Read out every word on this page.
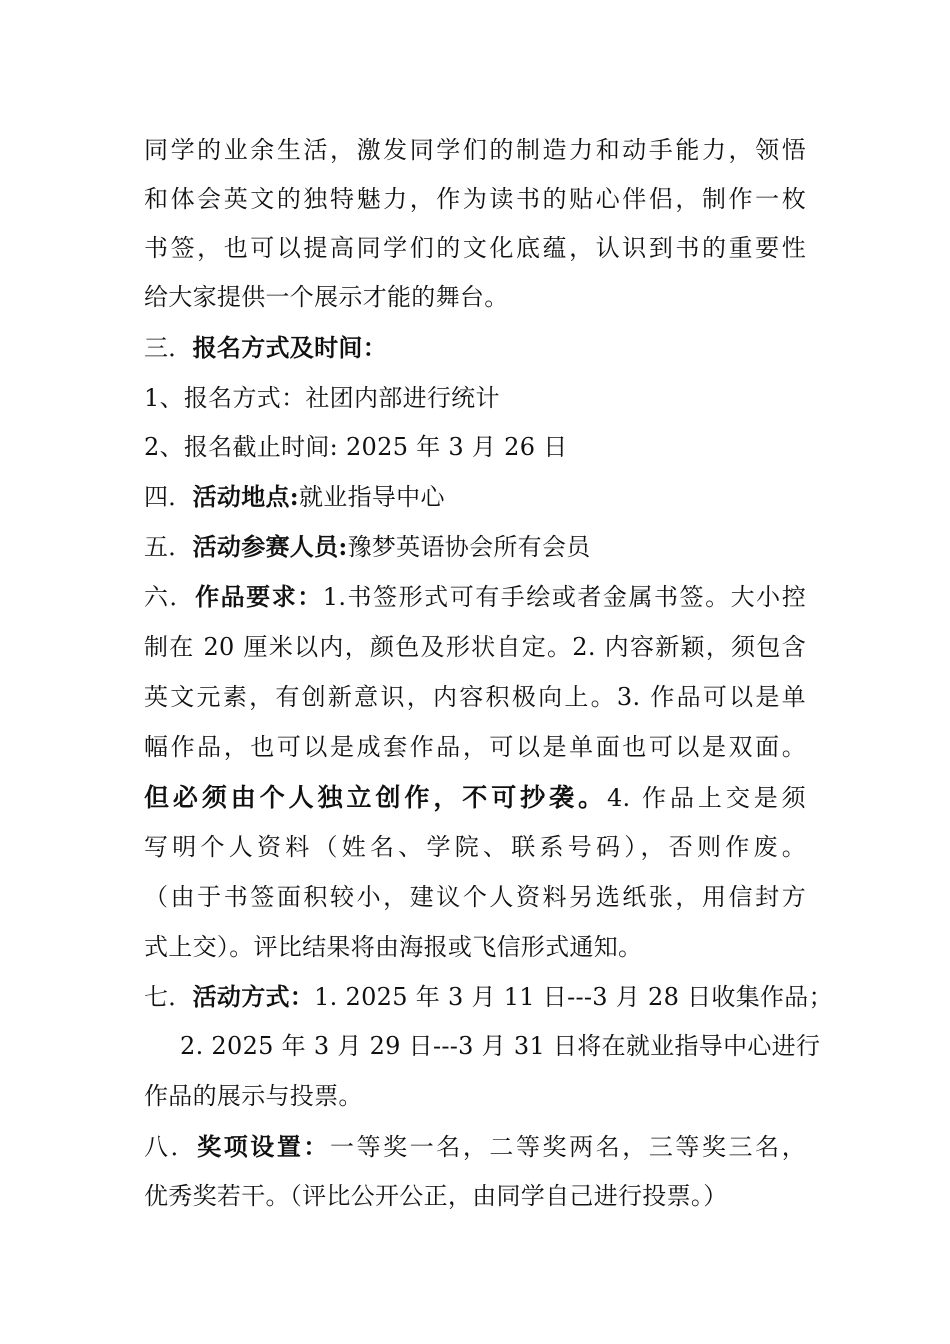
同学的业余生活，激发同学们的制造力和动手能力，领悟
和体会英文的独特魅力，作为读书的贴心伴侣，制作一枚
书签，也可以提高同学们的文化底蕴，认识到书的重要性
给大家提供一个展示才能的舞台。
三．报名方式及时间：
1、报名方式：社团内部进行统计
2、报名截止时间: 2025 年 3 月 26 日
四．活动地点:就业指导中心
五．活动参赛人员:豫梦英语协会所有会员
六．作品要求：1.书签形式可有手绘或者金属书签。大小控
制在 20 厘米以内，颜色及形状自定。2. 内容新颖，须包含
英文元素，有创新意识，内容积极向上。3. 作品可以是单
幅作品，也可以是成套作品，可以是单面也可以是双面。
但必须由个人独立创作，不可抄袭。4. 作品上交是须
写明个人资料（姓名、学院、联系号码），否则作废。
（由于书签面积较小，建议个人资料另选纸张，用信封方
式上交）。评比结果将由海报或飞信形式通知。
七．活动方式：1. 2025 年 3 月 11 日---3 月 28 日收集作品；
2. 2025 年 3 月 29 日---3 月 31 日将在就业指导中心进行
作品的展示与投票。
八．奖项设置：一等奖一名，二等奖两名，三等奖三名，
优秀奖若干。（评比公开公正，由同学自己进行投票。）
